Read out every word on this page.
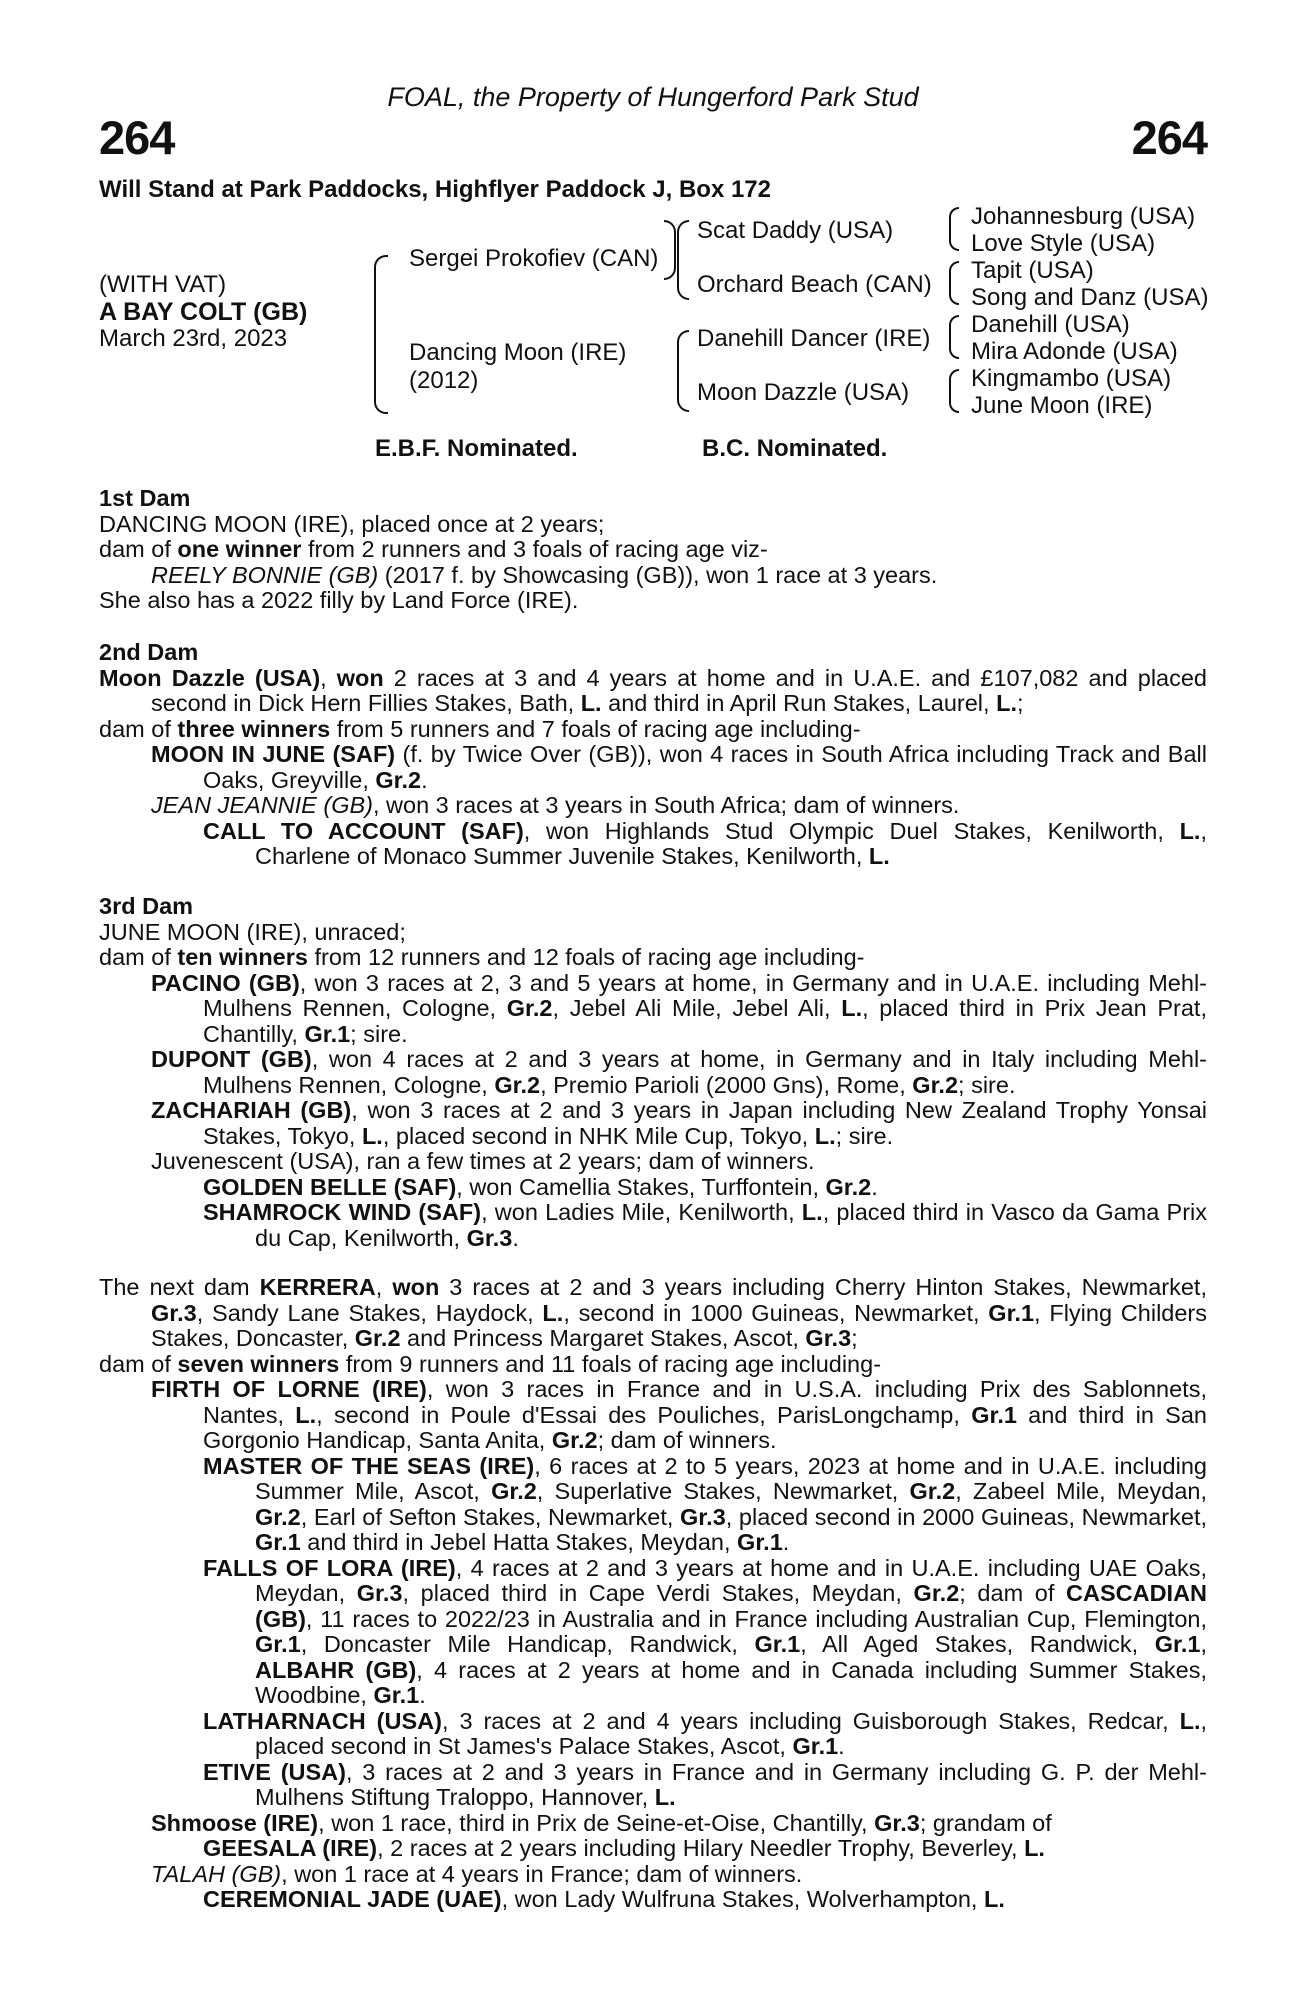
FOAL, the Property of Hungerford Park Stud
264	264
Will Stand at Park Paddocks, Highflyer Paddock J, Box 172
(WITH VAT)
A BAY COLT (GB)
March 23rd, 2023
Sergei Prokofiev (CAN)
Dancing Moon (IRE)
(2012)
Scat Daddy (USA)
Orchard Beach (CAN)
Danehill Dancer (IRE)
Moon Dazzle (USA)
Johannesburg (USA)
Love Style (USA)
Tapit (USA)
Song and Danz (USA)
Danehill (USA)
Mira Adonde (USA)
Kingmambo (USA)
June Moon (IRE)
E.B.F. Nominated.	B.C. Nominated.

1st Dam

DANCING MOON (IRE), placed once at 2 years;

dam of one winner from 2 runners and 3 foals of racing age viz-

REELY BONNIE (GB) (2017 f. by Showcasing (GB)), won 1 race at 3 years.

She also has a 2022 filly by Land Force (IRE).

2nd Dam

Moon Dazzle (USA), won 2 races at 3 and 4 years at home and in U.A.E. and £107,082 and placed second in Dick Hern Fillies Stakes, Bath, L. and third in April Run Stakes, Laurel, L.;

dam of three winners from 5 runners and 7 foals of racing age including-

MOON IN JUNE (SAF) (f. by Twice Over (GB)), won 4 races in South Africa including Track and Ball Oaks, Greyville, Gr.2.

JEAN JEANNIE (GB), won 3 races at 3 years in South Africa; dam of winners.

CALL TO ACCOUNT (SAF), won Highlands Stud Olympic Duel Stakes, Kenilworth, L., Charlene of Monaco Summer Juvenile Stakes, Kenilworth, L.

3rd Dam

JUNE MOON (IRE), unraced;

dam of ten winners from 12 runners and 12 foals of racing age including-

PACINO (GB), won 3 races at 2, 3 and 5 years at home, in Germany and in U.A.E. including Mehl-Mulhens Rennen, Cologne, Gr.2, Jebel Ali Mile, Jebel Ali, L., placed third in Prix Jean Prat, Chantilly, Gr.1; sire.

DUPONT (GB), won 4 races at 2 and 3 years at home, in Germany and in Italy including Mehl-Mulhens Rennen, Cologne, Gr.2, Premio Parioli (2000 Gns), Rome, Gr.2; sire.

ZACHARIAH (GB), won 3 races at 2 and 3 years in Japan including New Zealand Trophy Yonsai Stakes, Tokyo, L., placed second in NHK Mile Cup, Tokyo, L.; sire.

Juvenescent (USA), ran a few times at 2 years; dam of winners.

GOLDEN BELLE (SAF), won Camellia Stakes, Turffontein, Gr.2.

SHAMROCK WIND (SAF), won Ladies Mile, Kenilworth, L., placed third in Vasco da Gama Prix du Cap, Kenilworth, Gr.3.

The next dam KERRERA, won 3 races at 2 and 3 years including Cherry Hinton Stakes, Newmarket, Gr.3, Sandy Lane Stakes, Haydock, L., second in 1000 Guineas, Newmarket, Gr.1, Flying Childers Stakes, Doncaster, Gr.2 and Princess Margaret Stakes, Ascot, Gr.3;

dam of seven winners from 9 runners and 11 foals of racing age including-

FIRTH OF LORNE (IRE), won 3 races in France and in U.S.A. including Prix des Sablonnets, Nantes, L., second in Poule d'Essai des Pouliches, ParisLongchamp, Gr.1 and third in San Gorgonio Handicap, Santa Anita, Gr.2; dam of winners.

MASTER OF THE SEAS (IRE), 6 races at 2 to 5 years, 2023 at home and in U.A.E. including Summer Mile, Ascot, Gr.2, Superlative Stakes, Newmarket, Gr.2, Zabeel Mile, Meydan, Gr.2, Earl of Sefton Stakes, Newmarket, Gr.3, placed second in 2000 Guineas, Newmarket, Gr.1 and third in Jebel Hatta Stakes, Meydan, Gr.1.

FALLS OF LORA (IRE), 4 races at 2 and 3 years at home and in U.A.E. including UAE Oaks, Meydan, Gr.3, placed third in Cape Verdi Stakes, Meydan, Gr.2; dam of CASCADIAN (GB), 11 races to 2022/23 in Australia and in France including Australian Cup, Flemington, Gr.1, Doncaster Mile Handicap, Randwick, Gr.1, All Aged Stakes, Randwick, Gr.1, ALBAHR (GB), 4 races at 2 years at home and in Canada including Summer Stakes, Woodbine, Gr.1.

LATHARNACH (USA), 3 races at 2 and 4 years including Guisborough Stakes, Redcar, L., placed second in St James's Palace Stakes, Ascot, Gr.1.

ETIVE (USA), 3 races at 2 and 3 years in France and in Germany including G. P. der Mehl-Mulhens Stiftung Traloppo, Hannover, L.

Shmoose (IRE), won 1 race, third in Prix de Seine-et-Oise, Chantilly, Gr.3; grandam of

GEESALA (IRE), 2 races at 2 years including Hilary Needler Trophy, Beverley, L.

TALAH (GB), won 1 race at 4 years in France; dam of winners.

CEREMONIAL JADE (UAE), won Lady Wulfruna Stakes, Wolverhampton, L.
